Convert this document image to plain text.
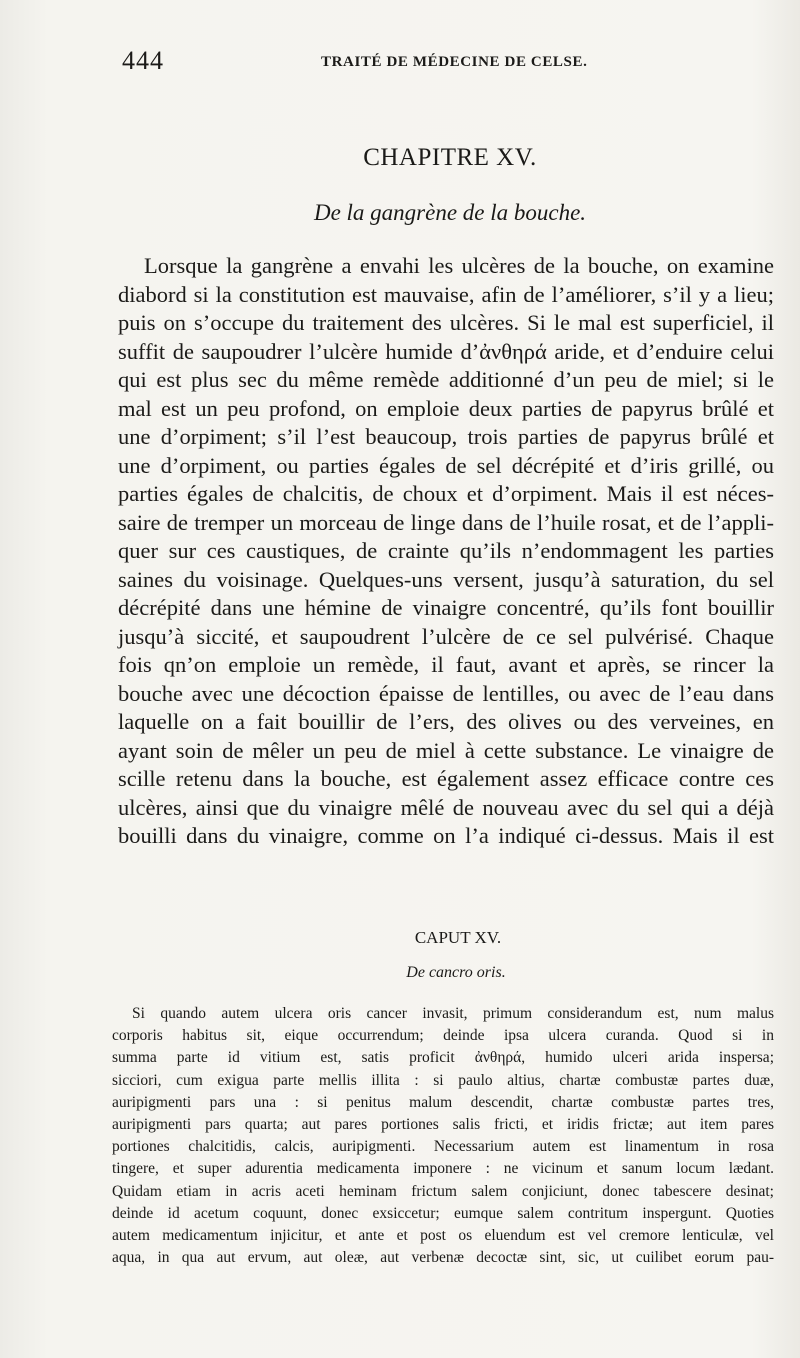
444	TRAITÉ DE MÉDECINE DE CELSE.
CHAPITRE XV.
De la gangrène de la bouche.
Lorsque la gangrène a envahi les ulcères de la bouche, on examine
diabord si la constitution est mauvaise, afin de l’améliorer, s’il y a lieu;
puis on s’occupe du traitement des ulcères. Si le mal est superficiel, il
suffit de saupoudrer l’ulcère humide d’ἀνθηρά aride, et d’enduire celui
qui est plus sec du même remède additionné d’un peu de miel; si le
mal est un peu profond, on emploie deux parties de papyrus brûlé et
une d’orpiment; s’il l’est beaucoup, trois parties de papyrus brûlé et
une d’orpiment, ou parties égales de sel décrépité et d’iris grillé, ou
parties égales de chalcitis, de choux et d’orpiment. Mais il est néces-
saire de tremper un morceau de linge dans de l’huile rosat, et de l’appli-
quer sur ces caustiques, de crainte qu’ils n’endommagent les parties
saines du voisinage. Quelques-uns versent, jusqu’à saturation, du sel
décrépité dans une hémine de vinaigre concentré, qu’ils font bouillir
jusqu’à siccité, et saupoudrent l’ulcère de ce sel pulvérisé. Chaque
fois qn’on emploie un remède, il faut, avant et après, se rincer la
bouche avec une décoction épaisse de lentilles, ou avec de l’eau dans
laquelle on a fait bouillir de l’ers, des olives ou des verveines, en
ayant soin de mêler un peu de miel à cette substance. Le vinaigre de
scille retenu dans la bouche, est également assez efficace contre ces
ulcères, ainsi que du vinaigre mêlé de nouveau avec du sel qui a déjà
bouilli dans du vinaigre, comme on l’a indiqué ci-dessus. Mais il est
CAPUT XV.
De cancro oris.
Si quando autem ulcera oris cancer invasit, primum considerandum est, num malus
corporis habitus sit, eique occurrendum; deinde ipsa ulcera curanda. Quod si in
summa parte id vitium est, satis proficit ἀνθηρά, humido ulceri arida inspersa;
sicciori, cum exigua parte mellis illita : si paulo altius, chartæ combustæ partes duæ,
auripigmenti pars una : si penitus malum descendit, chartæ combustæ partes tres,
auripigmenti pars quarta; aut pares portiones salis fricti, et iridis frictæ; aut item pares
portiones chalcitidis, calcis, auripigmenti. Necessarium autem est linamentum in rosa
tingere, et super adurentia medicamenta imponere : ne vicinum et sanum locum lædant.
Quidam etiam in acris aceti heminam frictum salem conjiciunt, donec tabescere desinat;
deinde id acetum coquunt, donec exsiccetur; eumque salem contritum inspergunt. Quoties
autem medicamentum injicitur, et ante et post os eluendum est vel cremore lenticulæ, vel
aqua, in qua aut ervum, aut oleæ, aut verbenæ decoctæ sint, sic, ut cuilibet eorum pau-
